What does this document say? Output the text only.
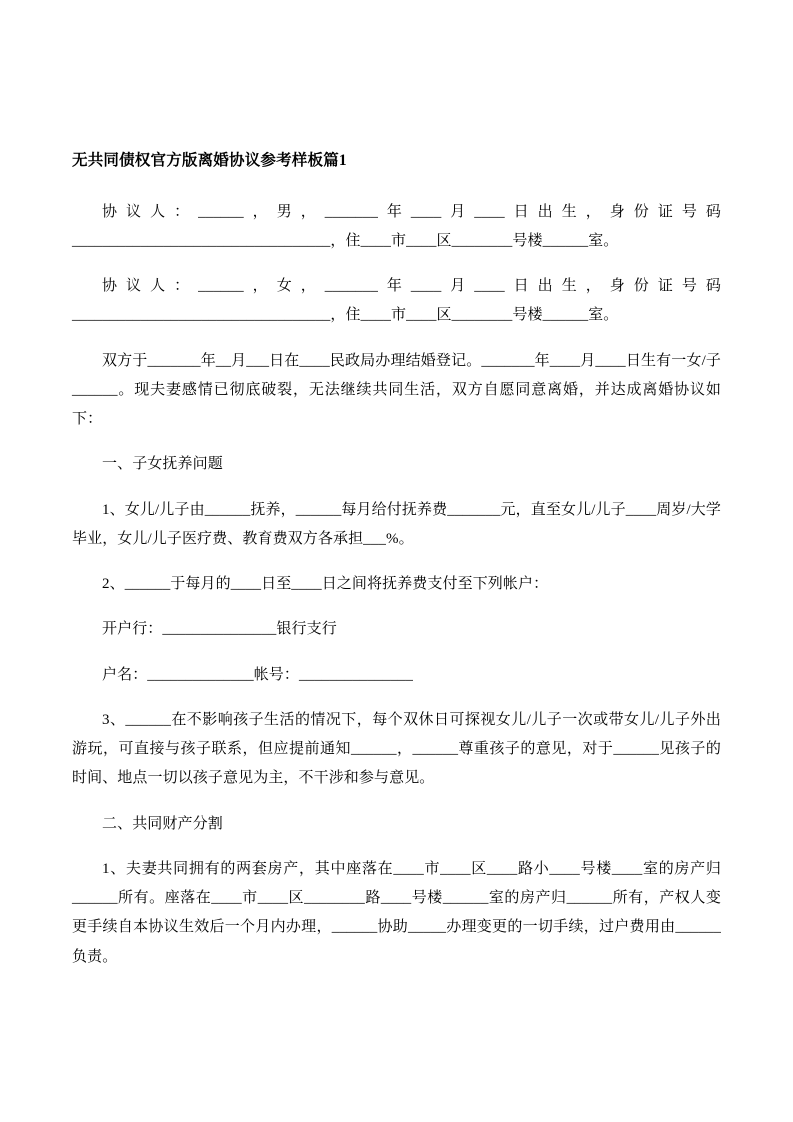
无共同债权官方版离婚协议参考样板篇1

协议人：______，男，_______年____月____日出生，身份证号码__________________________________，住____市____区________号楼______室。

协议人：______，女，_______年____月____日出生，身份证号码__________________________________，住____市____区________号楼______室。

双方于_______年__月___日在____民政局办理结婚登记。_______年____月____日生有一女/子______。现夫妻感情已彻底破裂，无法继续共同生活，双方自愿同意离婚，并达成离婚协议如下：

一、子女抚养问题

1、女儿/儿子由______抚养，______每月给付抚养费_______元，直至女儿/儿子____周岁/大学毕业，女儿/儿子医疗费、教育费双方各承担___%。

2、______于每月的____日至____日之间将抚养费支付至下列帐户：

开户行：_______________银行支行

户名：______________帐号：_______________

3、______在不影响孩子生活的情况下，每个双休日可探视女儿/儿子一次或带女儿/儿子外出游玩，可直接与孩子联系，但应提前通知______，______尊重孩子的意见，对于______见孩子的时间、地点一切以孩子意见为主，不干涉和参与意见。

二、共同财产分割

1、夫妻共同拥有的两套房产，其中座落在____市____区____路小____号楼____室的房产归______所有。座落在____市____区________路____号楼______室的房产归______所有，产权人变更手续自本协议生效后一个月内办理，______协助_____办理变更的一切手续，过户费用由______负责。
